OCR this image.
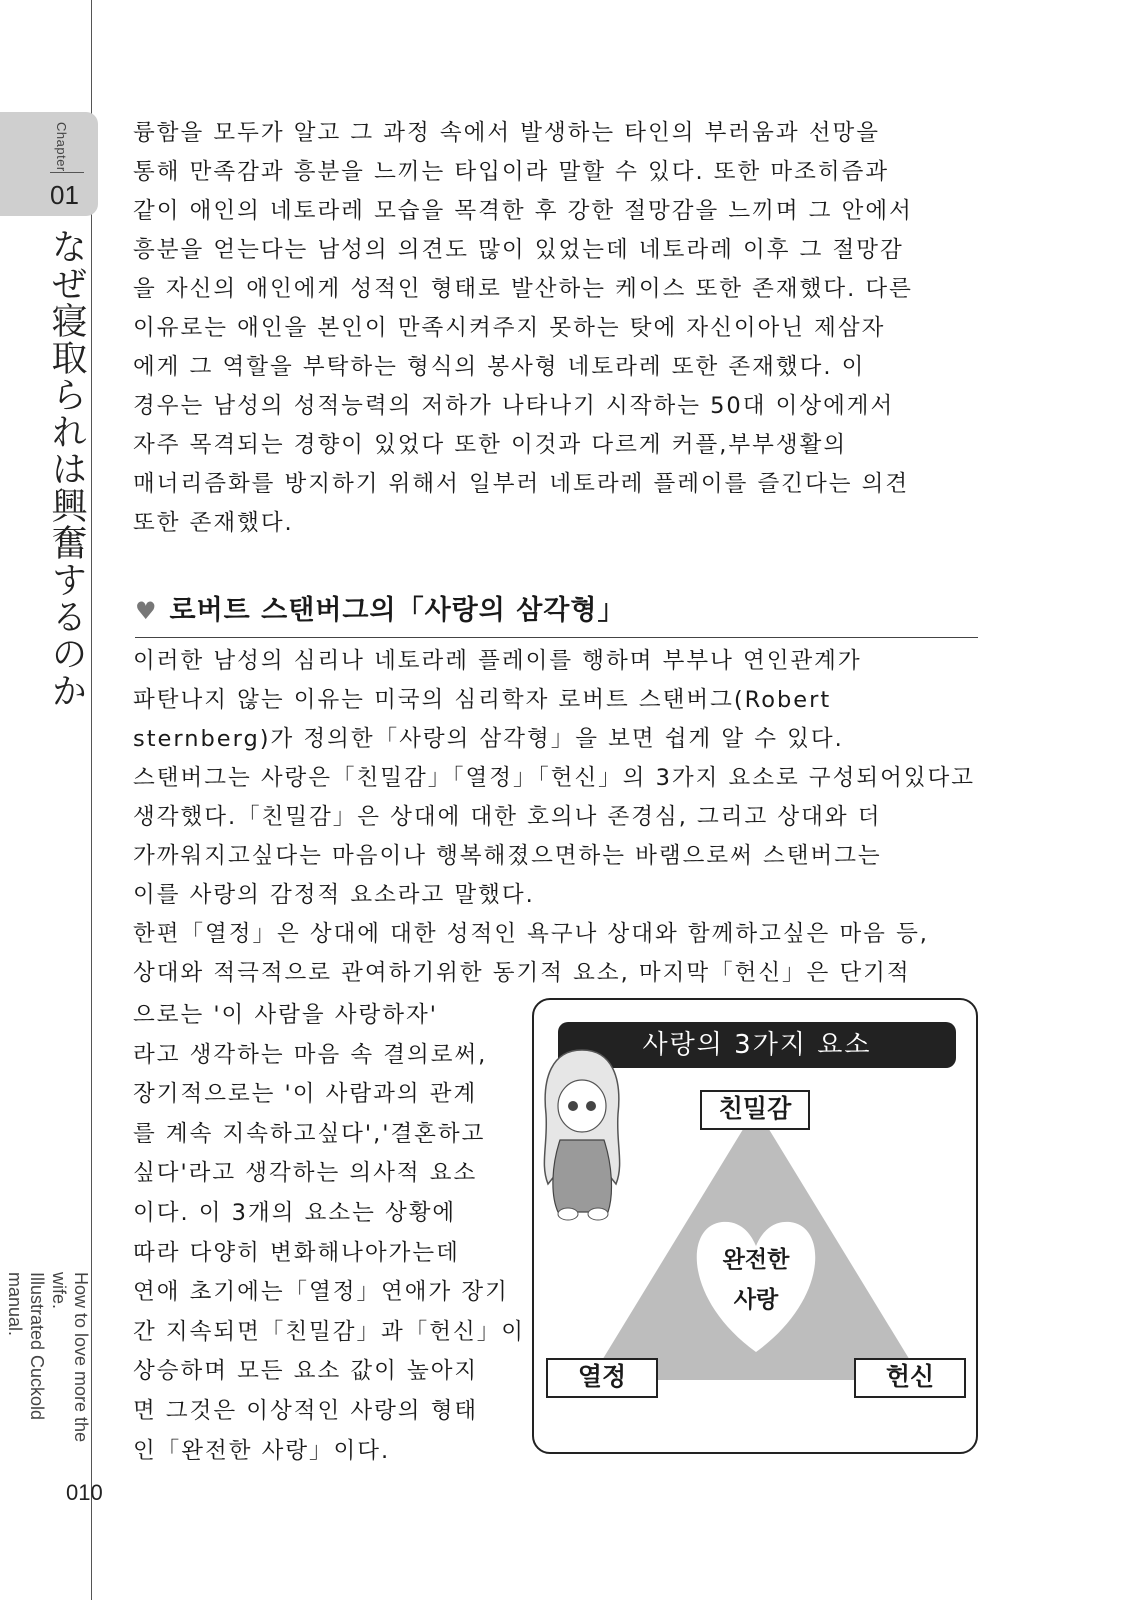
Chapter
01
なぜ寝取られは興奮するのか
How to love more the wife.
Illustrated Cuckold manual.
010
륭함을 모두가 알고 그 과정 속에서 발생하는 타인의 부러움과 선망을
통해 만족감과 흥분을 느끼는 타입이라 말할 수 있다. 또한 마조히즘과
같이 애인의 네토라레 모습을 목격한 후 강한 절망감을 느끼며 그 안에서
흥분을 얻는다는 남성의 의견도 많이 있었는데 네토라레 이후 그 절망감
을 자신의 애인에게 성적인 형태로 발산하는 케이스 또한 존재했다. 다른
이유로는 애인을 본인이 만족시켜주지 못하는 탓에 자신이아닌 제삼자
에게 그 역할을 부탁하는 형식의 봉사형 네토라레 또한 존재했다. 이
경우는 남성의 성적능력의 저하가 나타나기 시작하는 50대 이상에게서
자주 목격되는 경향이 있었다 또한 이것과 다르게 커플,부부생활의
매너리즘화를 방지하기 위해서 일부러 네토라레 플레이를 즐긴다는 의견
또한 존재했다.
♥ 로버트 스탠버그의「사랑의 삼각형」
이러한 남성의 심리나 네토라레 플레이를 행하며 부부나 연인관계가
파탄나지 않는 이유는 미국의 심리학자 로버트 스탠버그(Robert
sternberg)가 정의한「사랑의 삼각형」을 보면 쉽게 알 수 있다.
스탠버그는 사랑은「친밀감」「열정」「헌신」의 3가지 요소로 구성되어있다고
생각했다.「친밀감」은 상대에 대한 호의나 존경심, 그리고 상대와 더
가까워지고싶다는 마음이나 행복해졌으면하는 바램으로써 스탠버그는
이를 사랑의 감정적 요소라고 말했다.
한편「열정」은 상대에 대한 성적인 욕구나 상대와 함께하고싶은 마음 등,
상대와 적극적으로 관여하기위한 동기적 요소, 마지막「헌신」은 단기적
으로는 '이 사람을 사랑하자'
라고 생각하는 마음 속 결의로써,
장기적으로는 '이 사람과의 관계
를 계속 지속하고싶다','결혼하고
싶다'라고 생각하는 의사적 요소
이다. 이 3개의 요소는 상황에
따라 다양히 변화해나아가는데
연애 초기에는「열정」연애가 장기
간 지속되면「친밀감」과「헌신」이
상승하며 모든 요소 값이 높아지
면 그것은 이상적인 사랑의 형태
인「완전한 사랑」이다.
사랑의 3가지 요소
친밀감
열정	헌신
완전한
사랑
